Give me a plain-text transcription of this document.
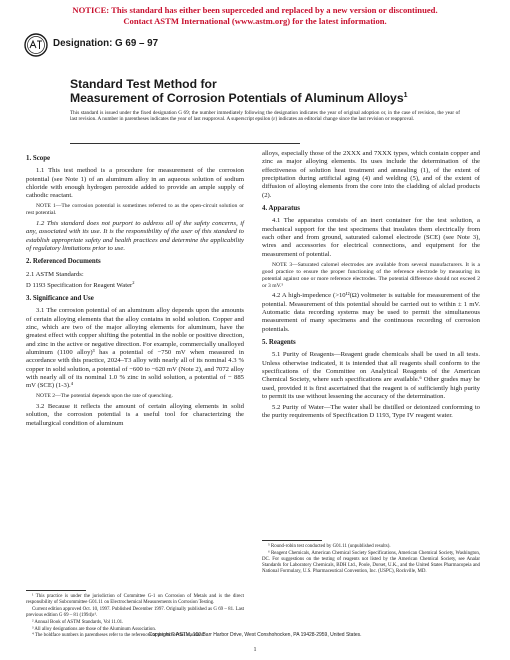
NOTICE: This standard has either been superceded and replaced by a new version or discontinued.
Contact ASTM International (www.astm.org) for the latest information.
Designation: G 69 – 97
Standard Test Method for
Measurement of Corrosion Potentials of Aluminum Alloys$^1$
This standard is issued under the fixed designation G 69; the number immediately following the designation indicates the year of original adoption or, in the case of revision, the year of last revision. A number in parentheses indicates the year of last reapproval. A superscript epsilon (ε) indicates an editorial change since the last revision or reapproval.
1. Scope

1.1 This test method is a procedure for measurement of the corrosion potential (see Note 1) of an aluminum alloy in an aqueous solution of sodium chloride with enough hydrogen peroxide added to provide an ample supply of cathodic reactant.

NOTE 1—The corrosion potential is sometimes referred to as the open-circuit solution or rest potential.

1.2 This standard does not purport to address all of the safety concerns, if any, associated with its use. It is the responsibility of the user of this standard to establish appropriate safety and health practices and determine the applicability of regulatory limitations prior to use.

2. Referenced Documents

2.1 ASTM Standards:

D 1193 Specification for Reagent Water$^2$

3. Significance and Use

3.1 The corrosion potential of an aluminum alloy depends upon the amounts of certain alloying elements that the alloy contains in solid solution. Copper and zinc, which are two of the major alloying elements for aluminum, have the greatest effect with copper shifting the potential in the noble or positive direction, and zinc in the active or negative direction. For example, commercially unalloyed aluminum (1100 alloy)³ has a potential of −750 mV when measured in accordance with this practice, 2024–T3 alloy with nearly all of its nominal 4.3 % copper in solid solution, a potential of −600 to −620 mV (Note 2), and 7072 alloy with nearly all of its nominal 1.0 % zinc in solid solution, a potential of − 885 mV (SCE) (1-3).⁴

NOTE 2—The potential depends upon the rate of quenching.

3.2 Because it reflects the amount of certain alloying elements in solid solution, the corrosion potential is a useful tool for characterizing the metallurgical condition of aluminum

alloys, especially those of the 2XXX and 7XXX types, which contain copper and zinc as major alloying elements. Its uses include the determination of the effectiveness of solution heat treatment and annealing (1), of the extent of precipitation during artificial aging (4) and welding (5), and of the extent of diffusion of alloying elements from the core into the cladding of alclad products (2).

4. Apparatus

4.1 The apparatus consists of an inert container for the test solution, a mechanical support for the test specimens that insulates them electrically from each other and from ground, saturated calomel electrode (SCE) (see Note 3), wires and accessories for electrical connections, and equipment for the measurement of potential.

NOTE 3—Saturated calomel electrodes are available from several manufacturers. It is a good practice to ensure the proper functioning of the reference electrode by measuring its potential against one or more reference electrodes. The potential difference should not exceed 2 or 3 mV.⁵

4.2 A high-impedence (>10¹²(Ω) voltmeter is suitable for measurement of the potential. Measurement of this potential should be carried out to within ± 1 mV. Automatic data recording systems may be used to permit the simultaneous measurement of many specimens and the continuous recording of corrosion potentials.

5. Reagents

5.1 Purity of Reagents—Reagent grade chemicals shall be used in all tests. Unless otherwise indicated, it is intended that all reagents shall conform to the specifications of the Committee on Analytical Reagents of the American Chemical Society, where such specifications are available.⁶ Other grades may be used, provided it is first ascertained that the reagent is of sufficiently high purity to permit its use without lessening the accuracy of the determination.

5.2 Purity of Water—The water shall be distilled or deionized conforming to the purity requirements of Specification D 1193, Type IV reagent water.

¹ This practice is under the jurisdiction of Committee G-1 on Corrosion of Metals and is the direct responsibility of Subcommittee G01.11 on Electrochemical Measurements in Corrosion Testing.

Current edition approved Oct. 10, 1997. Published December 1997. Originally published as G 69 – 81. Last previous edition G 69 – 81 (1994)ε¹.

² Annual Book of ASTM Standards, Vol 11.01.

³ All alloy designations are those of the Aluminum Association.

⁴ The boldface numbers in parentheses refer to the references at the end of this standard.

⁵ Round-robin test conducted by G01.11 (unpublished results).

⁶ Reagent Chemicals, American Chemical Society Specifications, American Chemical Society, Washington, DC. For suggestions on the testing of reagents not listed by the American Chemical Society, see Analar Standards for Laboratory Chemicals, BDH Ltd., Poole, Dorset, U.K., and the United States Pharmacopeia and National Formulary, U.S. Pharmaceutical Convention, Inc. (USPC), Rockville, MD.

Copyright © ASTM, 100 Barr Harbor Drive, West Conshohocken, PA 19428-2959, United States.
1
